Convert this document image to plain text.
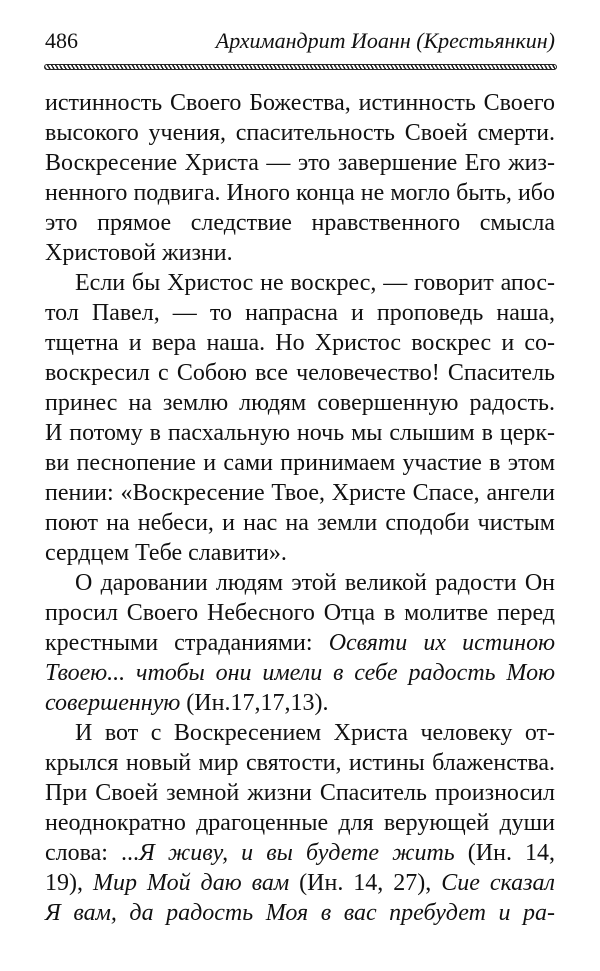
486	Архимандрит Иоанн (Крестьянкин)
истинность Своего Божества, истинность Своего
высокого учения, спасительность Своей смерти.
Воскресение Христа — это завершение Его жиз-
ненного подвига. Иного конца не могло быть, ибо
это прямое следствие нравственного смысла
Христовой жизни.
Если бы Христос не воскрес, — говорит апос-
тол Павел, — то напрасна и проповедь наша,
тщетна и вера наша. Но Христос воскрес и со-
воскресил с Собою все человечество! Спаситель
принес на землю людям совершенную радость.
И потому в пасхальную ночь мы слышим в церк-
ви песнопение и сами принимаем участие в этом
пении: «Воскресение Твое, Христе Спасе, ангели
поют на небеси, и нас на земли сподоби чистым
сердцем Тебе славити».
О даровании людям этой великой радости Он
просил Своего Небесного Отца в молитве перед
крестными страданиями: Освяти их истиною
Твоею... чтобы они имели в себе радость Мою
совершенную (Ин.17,17,13).
И вот с Воскресением Христа человеку от-
крылся новый мир святости, истины блаженства.
При Своей земной жизни Спаситель произносил
неоднократно драгоценные для верующей души
слова: ...Я живу, и вы будете жить (Ин. 14,
19), Мир Мой даю вам (Ин. 14, 27), Сие сказал
Я вам, да радость Моя в вас пребудет и ра-
